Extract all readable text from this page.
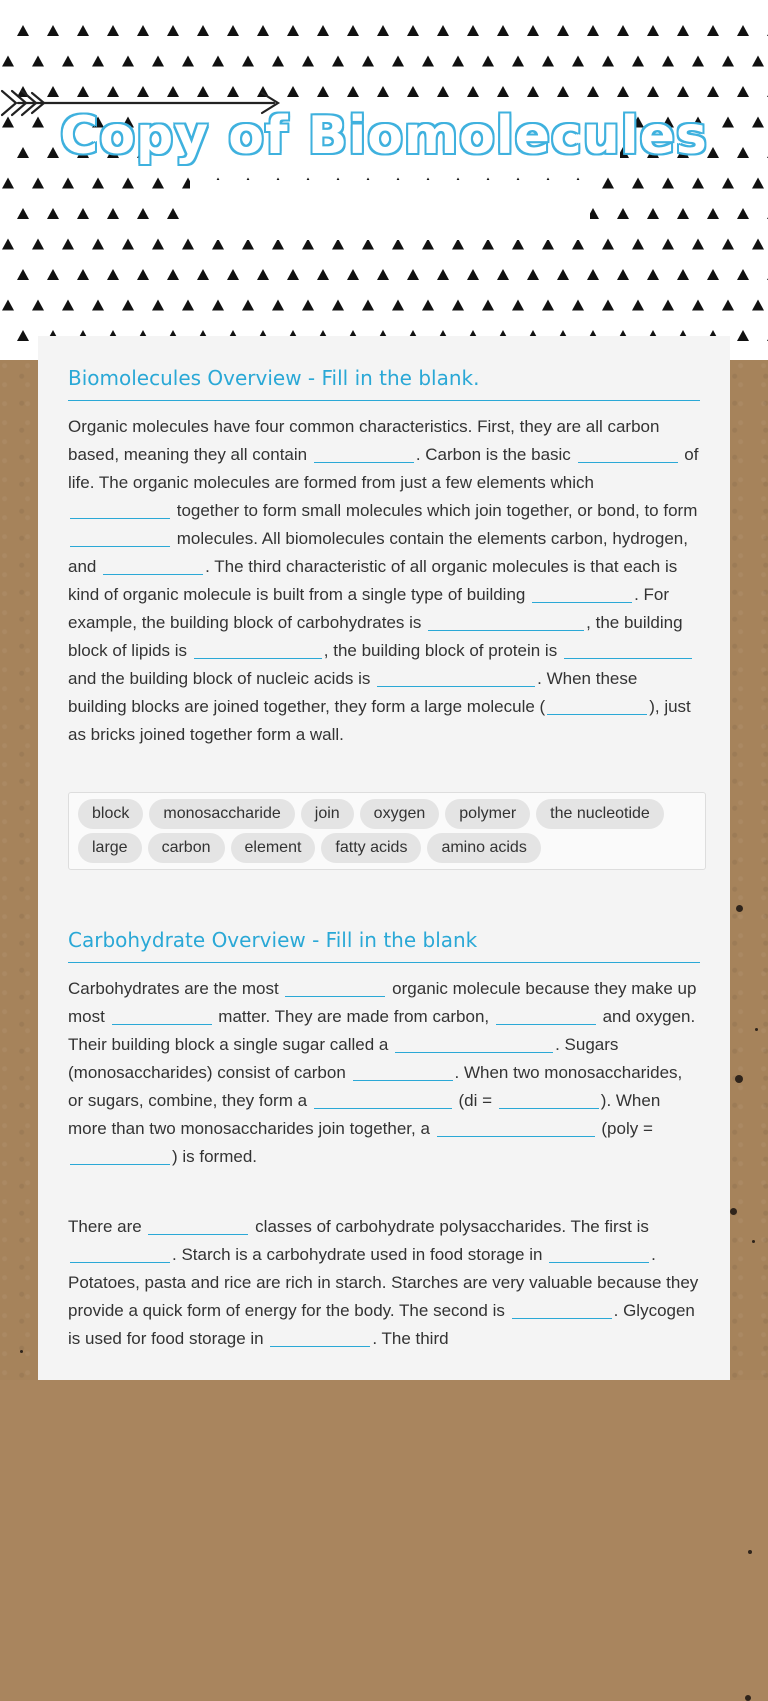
Copy of Biomolecules
Biomolecules Overview - Fill in the blank.

Organic molecules have four common characteristics. First, they are all carbon based, meaning they all contain	. Carbon is the basic	of life. The organic molecules are formed from just a few elements which  together to form small molecules which join together, or bond, to form  molecules. All biomolecules contain the elements carbon, hydrogen, and	. The third characteristic of all organic molecules is that each is kind of organic molecule is built from a single type of building	. For example, the building block of carbohydrates is	, the building block of lipids is	, the building block of protein is  and the building block of nucleic acids is	. When these building blocks are joined together, they form a large molecule (	), just as bricks joined together form a wall.

block monosaccharide join oxygen polymer the nucleotidelarge carbon element fatty acids amino acids
Carbohydrate Overview - Fill in the blank

Carbohydrates are the most	organic molecule because they make up most	matter. They are made from carbon,	and oxygen. Their building block a single sugar called a	. Sugars (monosaccharides) consist of carbon	. When two monosaccharides, or sugars, combine, they form a	(di =	). When more than two monosaccharides join together, a	(poly = ) is formed.

There are	classes of carbohydrate polysaccharides. The first is . Starch is a carbohydrate used in food storage in	. Potatoes, pasta and rice are rich in starch. Starches are very valuable because they provide a quick form of energy for the body. The second is	. Glycogen is used for food storage in	. The third
